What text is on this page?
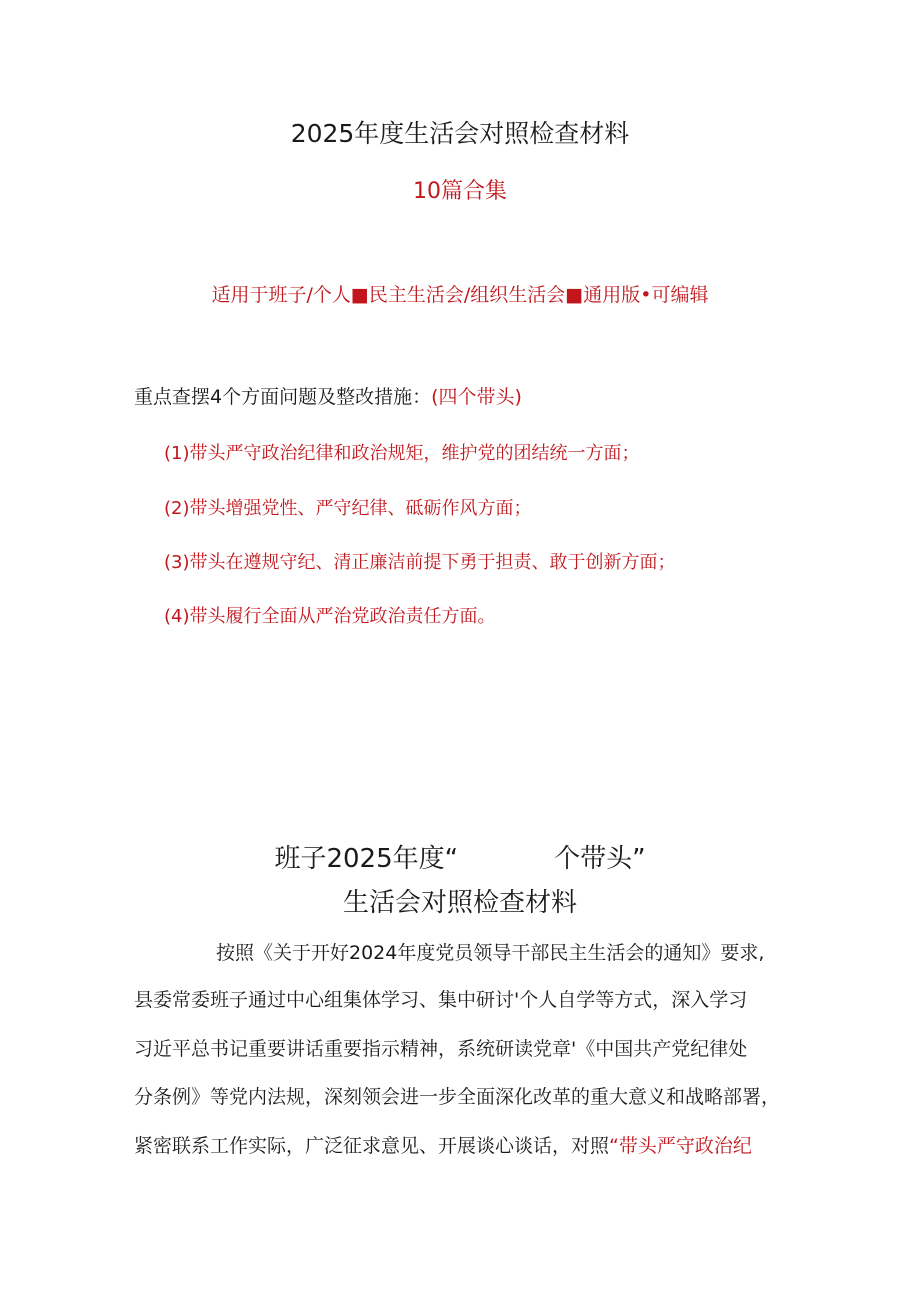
2025年度生活会对照检查材料
10篇合集
适用于班子/个人■民主生活会/组织生活会■通用版•可编辑
重点查摆4个方面问题及整改措施：(四个带头)
(1)带头严守政治纪律和政治规矩，维护党的团结统一方面；
(2)带头增强党性、严守纪律、砥砺作风方面；
(3)带头在遵规守纪、清正廉洁前提下勇于担责、敢于创新方面；
(4)带头履行全面从严治党政治责任方面。
班子2025年度“	个带头”
生活会对照检查材料
按照《关于开好2024年度党员领导干部民主生活会的通知》要求,
县委常委班子通过中心组集体学习、集中研讨'个人自学等方式，深入学习
习近平总书记重要讲话重要指示精神，系统研读党章'《中国共产党纪律处
分条例》等党内法规，深刻领会进一步全面深化改革的重大意义和战略部署，
紧密联系工作实际，广泛征求意见、开展谈心谈话，对照“带头严守政治纪
